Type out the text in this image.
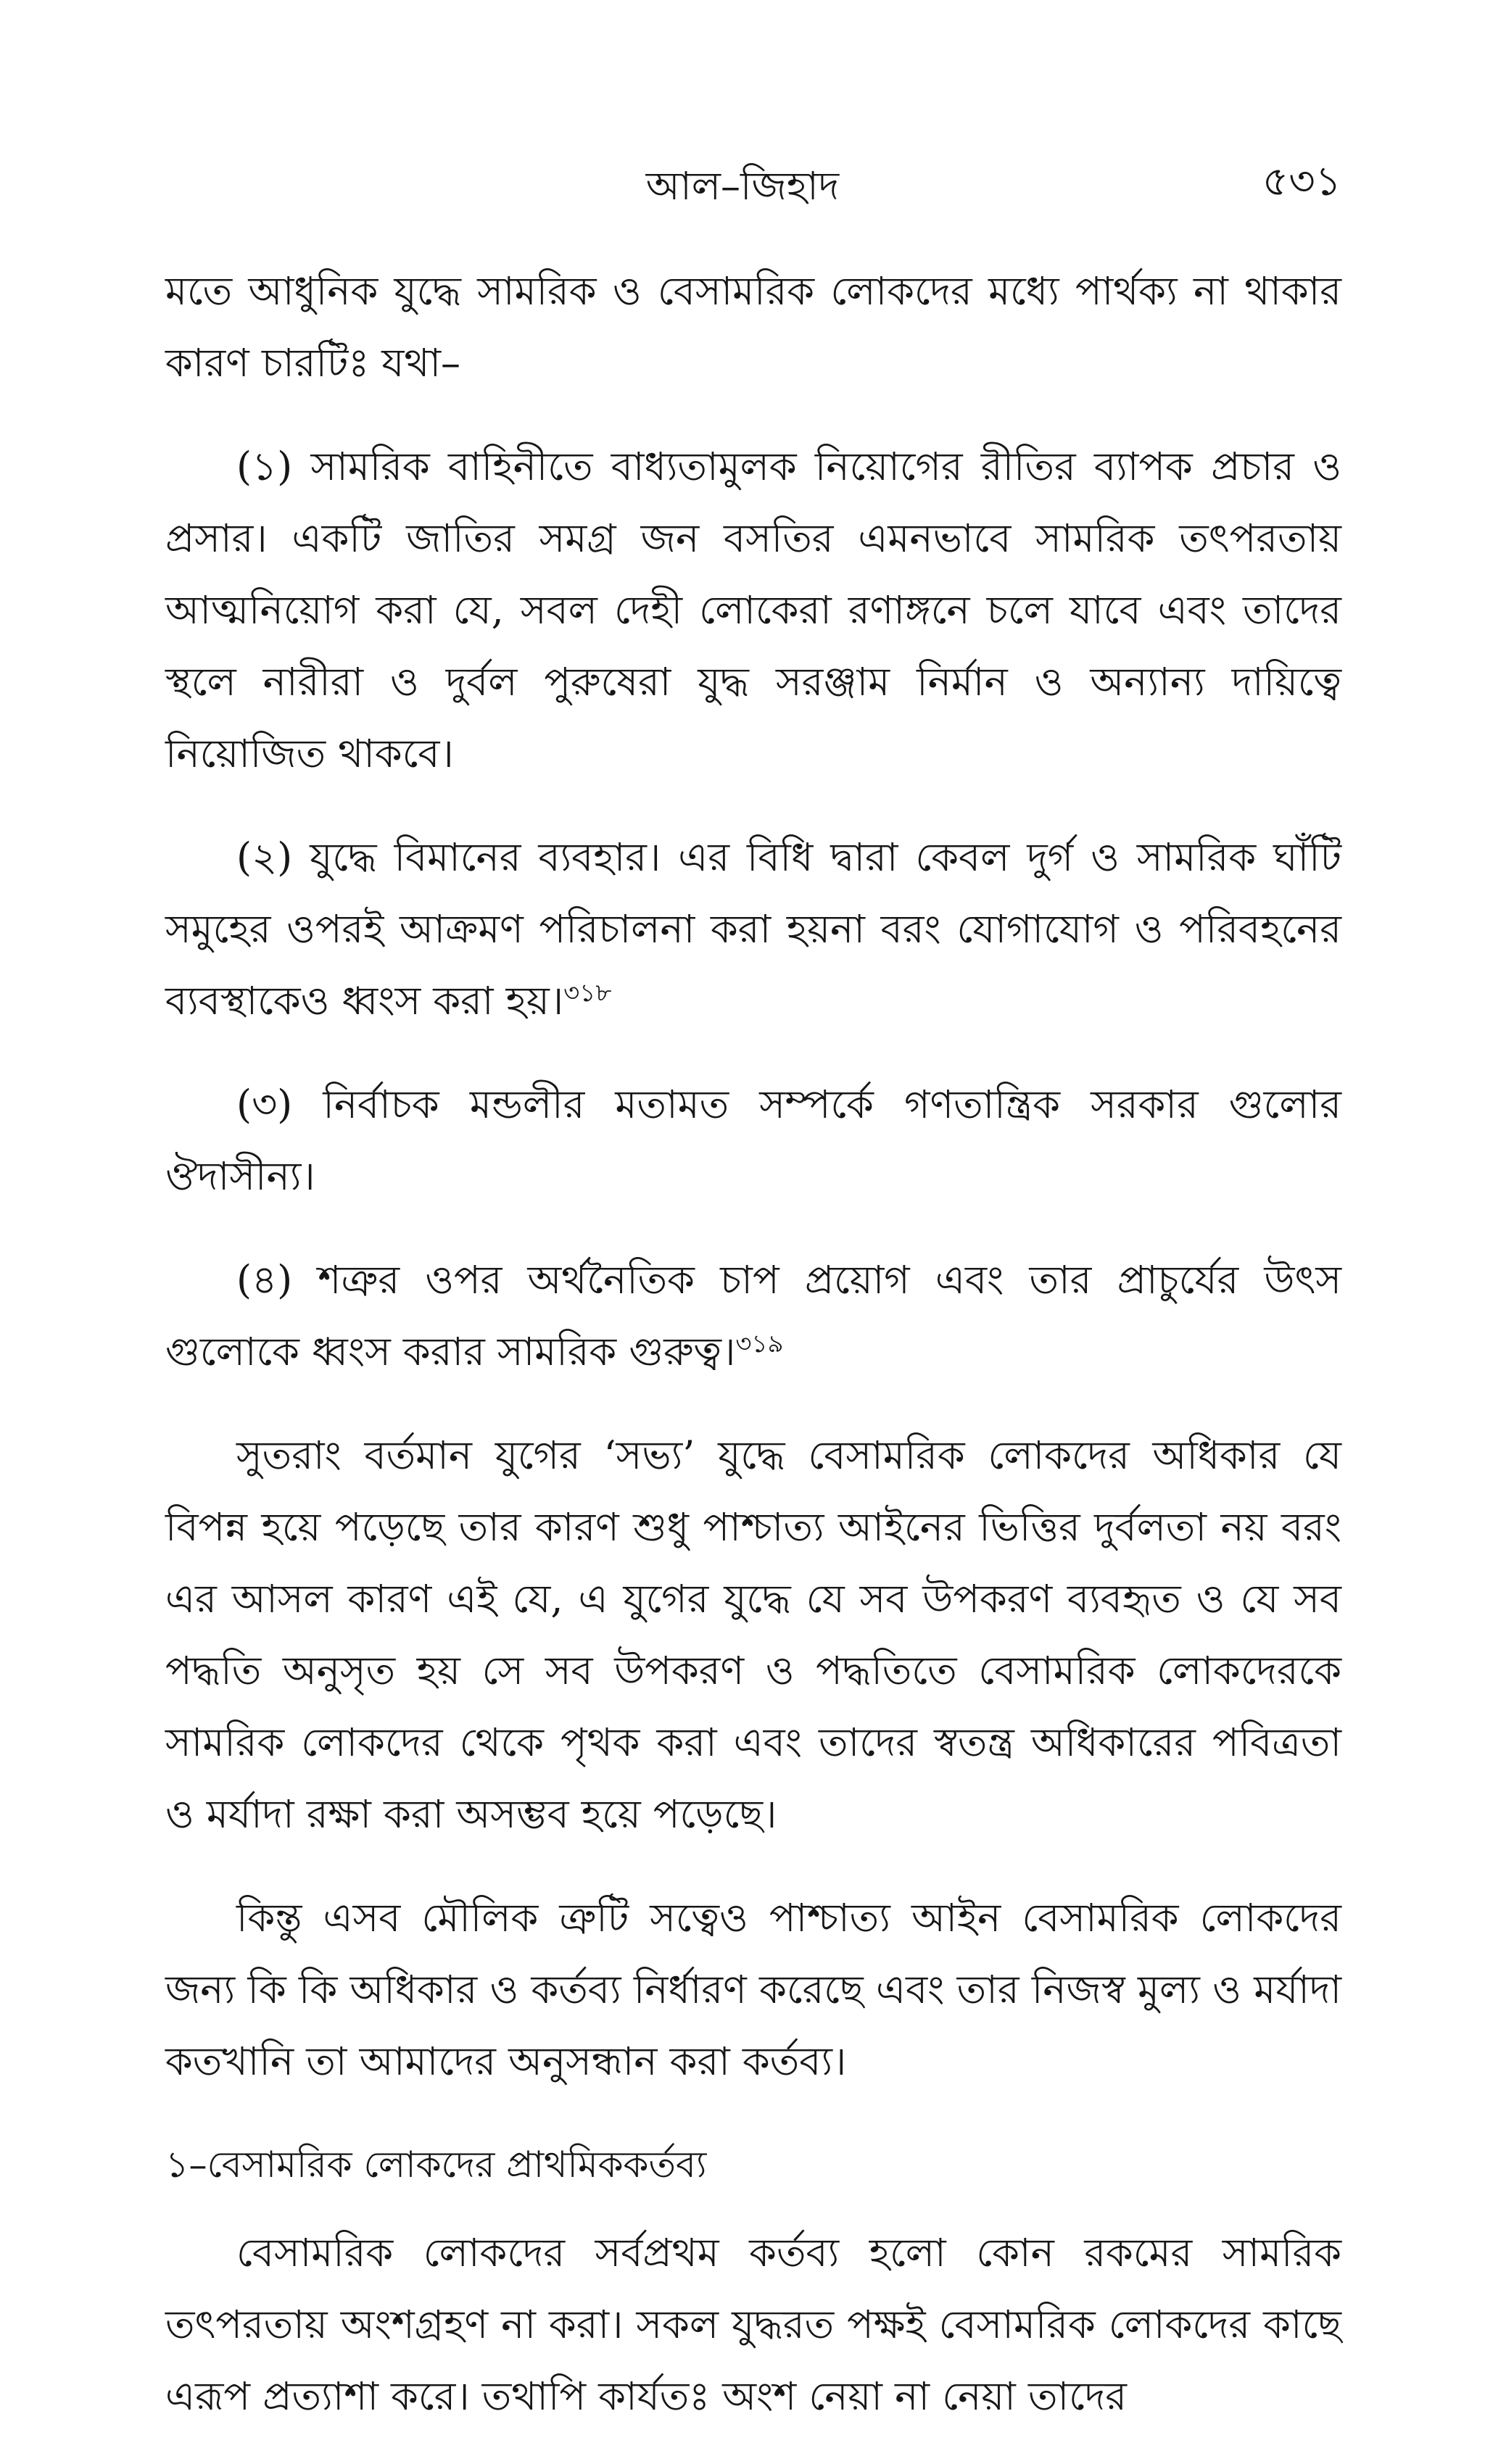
আল–জিহাদ	৫৩১

মতে আধুনিক যুদ্ধে সামরিক ও বেসামরিক লোকদের মধ্যে পার্থক্য না থাকার কারণ চারটিঃ যথা–

(১) সামরিক বাহিনীতে বাধ্যতামুলক নিয়োগের রীতির ব্যাপক প্রচার ও প্রসার। একটি জাতির সমগ্র জন বসতির এমনভাবে সামরিক তৎপরতায় আত্মনিয়োগ করা যে, সবল দেহী লোকেরা রণাঙ্গনে চলে যাবে এবং তাদের স্থলে নারীরা ও দুর্বল পুরুষেরা যুদ্ধ সরঞ্জাম নির্মান ও অন্যান্য দায়িত্বে নিয়োজিত থাকবে।

(২) যুদ্ধে বিমানের ব্যবহার। এর বিধি দ্বারা কেবল দুর্গ ও সামরিক ঘাঁটি সমুহের ওপরই আক্রমণ পরিচালনা করা হয়না বরং যোগাযোগ ও পরিবহনের ব্যবস্থাকেও ধ্বংস করা হয়।$^{৩১৮}$

(৩) নির্বাচক মন্ডলীর মতামত সম্পর্কে গণতান্ত্রিক সরকার গুলোর ঔদাসীন্য।

(৪) শত্রুর ওপর অর্থনৈতিক চাপ প্রয়োগ এবং তার প্রাচুর্যের উৎস গুলোকে ধ্বংস করার সামরিক গুরুত্ব।$^{৩১৯}$

সুতরাং বর্তমান যুগের ‘সভ্য’ যুদ্ধে বেসামরিক লোকদের অধিকার যে বিপন্ন হয়ে পড়েছে তার কারণ শুধু পাশ্চাত্য আইনের ভিত্তির দুর্বলতা নয় বরং এর আসল কারণ এই যে, এ যুগের যুদ্ধে যে সব উপকরণ ব্যবহৃত ও যে সব পদ্ধতি অনুসৃত হয় সে সব উপকরণ ও পদ্ধতিতে বেসামরিক লোকদেরকে সামরিক লোকদের থেকে পৃথক করা এবং তাদের স্বতন্ত্র অধিকারের পবিত্রতা ও মর্যাদা রক্ষা করা অসম্ভব হয়ে পড়েছে।

কিন্তু এসব মৌলিক ত্রুটি সত্বেও পাশ্চাত্য আইন বেসামরিক লোকদের জন্য কি কি অধিকার ও কর্তব্য নির্ধারণ করেছে এবং তার নিজস্ব মুল্য ও মর্যাদা কতখানি তা আমাদের অনুসন্ধান করা কর্তব্য।

১–বেসামরিক লোকদের প্রাথমিককর্তব্য

বেসামরিক লোকদের সর্বপ্রথম কর্তব্য হলো কোন রকমের সামরিক তৎপরতায় অংশগ্রহণ না করা। সকল যুদ্ধরত পক্ষই বেসামরিক লোকদের কাছে এরূপ প্রত্যাশা করে। তথাপি কার্যতঃ অংশ নেয়া না নেয়া তাদের
